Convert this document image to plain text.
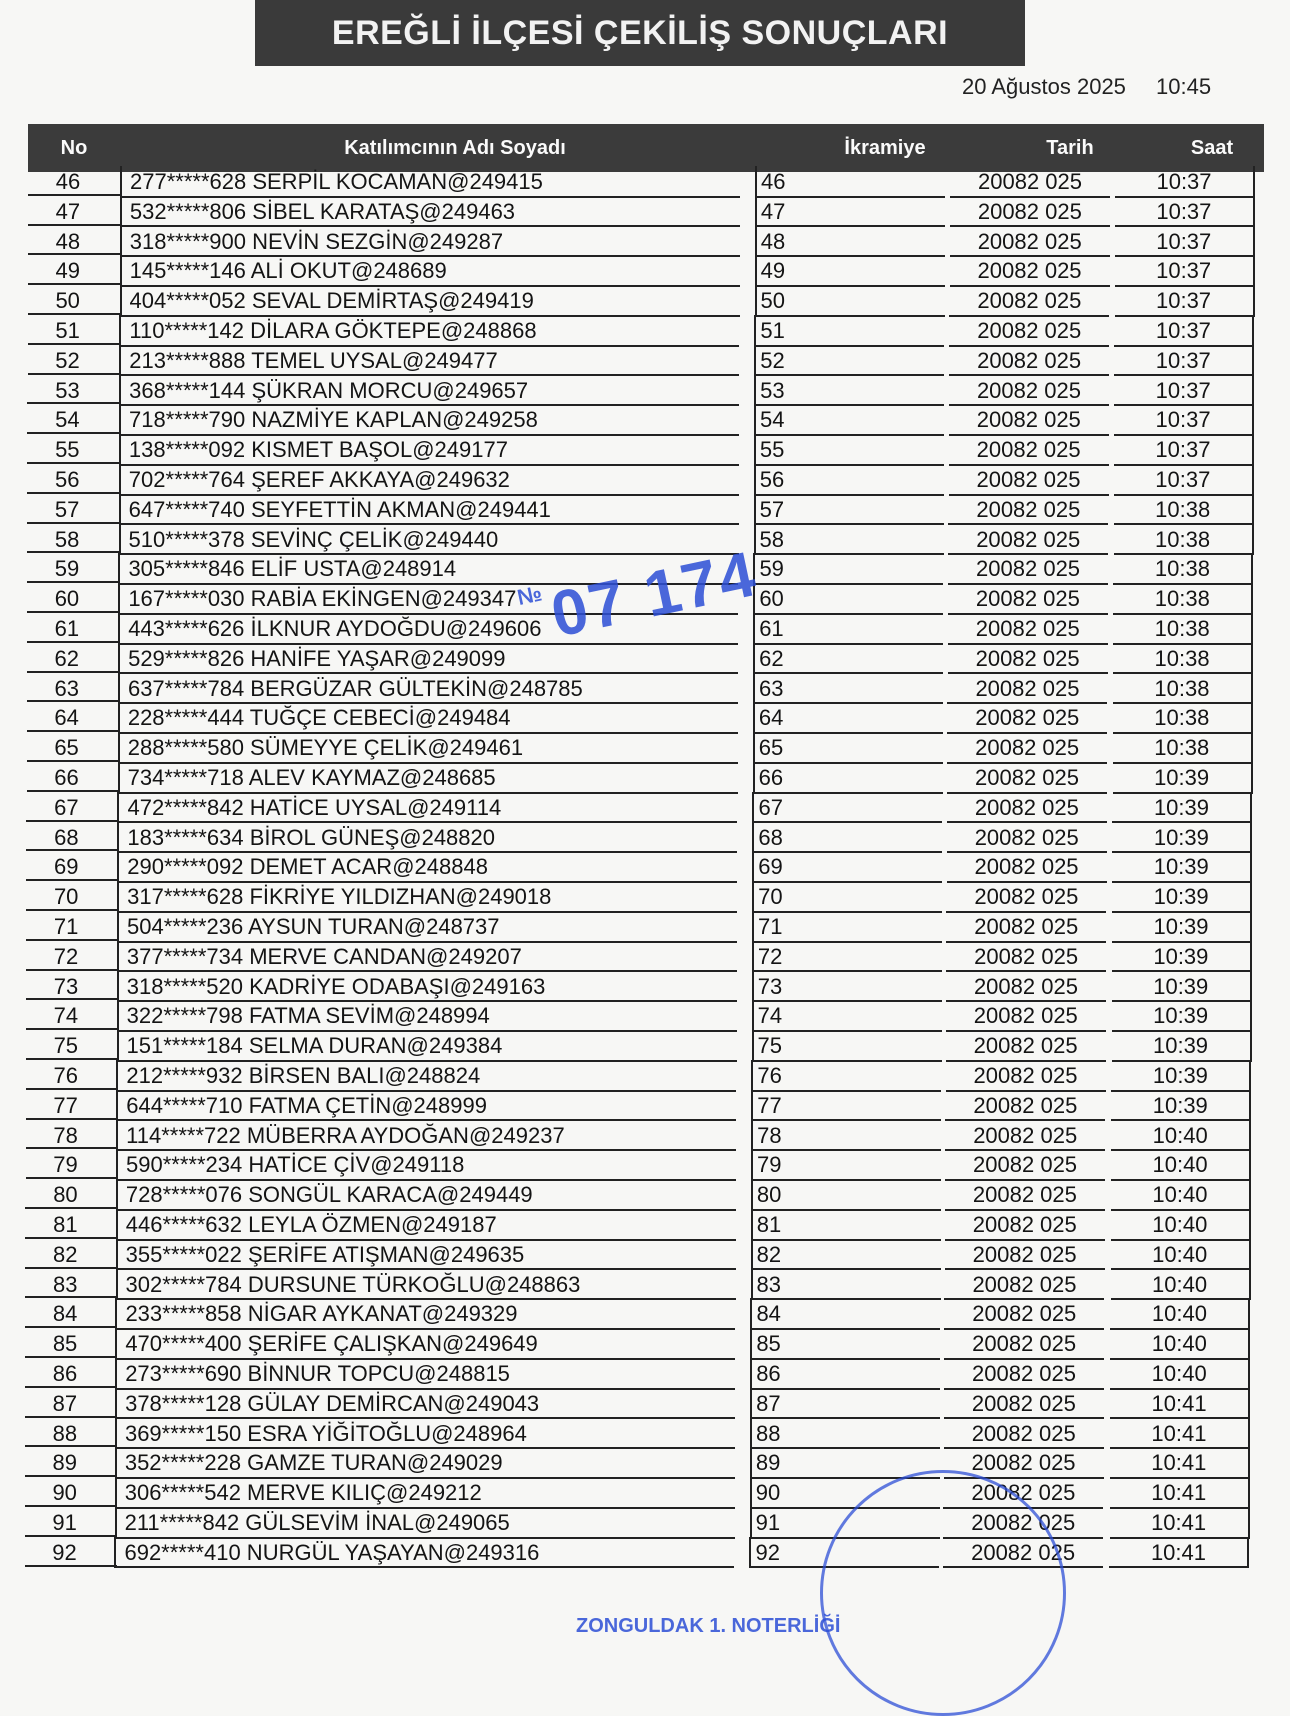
EREĞLİ İLÇESİ ÇEKİLİŞ SONUÇLARI
20 Ağustos 2025 10:45
No	Katılımcının Adı Soyadı	İkramiye	Tarih	Saat
46	277*****628 SERPİL KOCAMAN@249415	46	20082 025	10:37
47	532*****806 SİBEL KARATAŞ@249463	47	20082 025	10:37
48	318*****900 NEVİN SEZGİN@249287	48	20082 025	10:37
49	145*****146 ALİ OKUT@248689	49	20082 025	10:37
50	404*****052 SEVAL DEMİRTAŞ@249419	50	20082 025	10:37
51	110*****142 DİLARA GÖKTEPE@248868	51	20082 025	10:37
52	213*****888 TEMEL UYSAL@249477	52	20082 025	10:37
53	368*****144 ŞÜKRAN MORCU@249657	53	20082 025	10:37
54	718*****790 NAZMİYE KAPLAN@249258	54	20082 025	10:37
55	138*****092 KISMET BAŞOL@249177	55	20082 025	10:37
56	702*****764 ŞEREF AKKAYA@249632	56	20082 025	10:37
57	647*****740 SEYFETTİN AKMAN@249441	57	20082 025	10:38
58	510*****378 SEVİNÇ ÇELİK@249440	58	20082 025	10:38
59	305*****846 ELİF USTA@248914	59	20082 025	10:38
60	167*****030 RABİA EKİNGEN@249347	60	20082 025	10:38
61	443*****626 İLKNUR AYDOĞDU@249606	61	20082 025	10:38
62	529*****826 HANİFE YAŞAR@249099	62	20082 025	10:38
63	637*****784 BERGÜZAR GÜLTEKİN@248785	63	20082 025	10:38
64	228*****444 TUĞÇE CEBECİ@249484	64	20082 025	10:38
65	288*****580 SÜMEYYE ÇELİK@249461	65	20082 025	10:38
66	734*****718 ALEV KAYMAZ@248685	66	20082 025	10:39
67	472*****842 HATİCE UYSAL@249114	67	20082 025	10:39
68	183*****634 BİROL GÜNEŞ@248820	68	20082 025	10:39
69	290*****092 DEMET ACAR@248848	69	20082 025	10:39
70	317*****628 FİKRİYE YILDIZHAN@249018	70	20082 025	10:39
71	504*****236 AYSUN TURAN@248737	71	20082 025	10:39
72	377*****734 MERVE CANDAN@249207	72	20082 025	10:39
73	318*****520 KADRİYE ODABAŞI@249163	73	20082 025	10:39
74	322*****798 FATMA SEVİM@248994	74	20082 025	10:39
75	151*****184 SELMA DURAN@249384	75	20082 025	10:39
76	212*****932 BİRSEN BALI@248824	76	20082 025	10:39
77	644*****710 FATMA ÇETİN@248999	77	20082 025	10:39
78	114*****722 MÜBERRA AYDOĞAN@249237	78	20082 025	10:40
79	590*****234 HATİCE ÇİV@249118	79	20082 025	10:40
80	728*****076 SONGÜL KARACA@249449	80	20082 025	10:40
81	446*****632 LEYLA ÖZMEN@249187	81	20082 025	10:40
82	355*****022 ŞERİFE ATIŞMAN@249635	82	20082 025	10:40
83	302*****784 DURSUNE TÜRKOĞLU@248863	83	20082 025	10:40
84	233*****858 NİGAR AYKANAT@249329	84	20082 025	10:40
85	470*****400 ŞERİFE ÇALIŞKAN@249649	85	20082 025	10:40
86	273*****690 BİNNUR TOPCU@248815	86	20082 025	10:40
87	378*****128 GÜLAY DEMİRCAN@249043	87	20082 025	10:41
88	369*****150 ESRA YİĞİTOĞLU@248964	88	20082 025	10:41
89	352*****228 GAMZE TURAN@249029	89	20082 025	10:41
90	306*****542 MERVE KILIÇ@249212	90	20082 025	10:41
91	211*****842 GÜLSEVİM İNAL@249065	91	20082 025	10:41
92	692*****410 NURGÜL YAŞAYAN@249316	92	20082 025	10:41
№07 174
ZONGULDAK 1. NOTERLİĞİ
